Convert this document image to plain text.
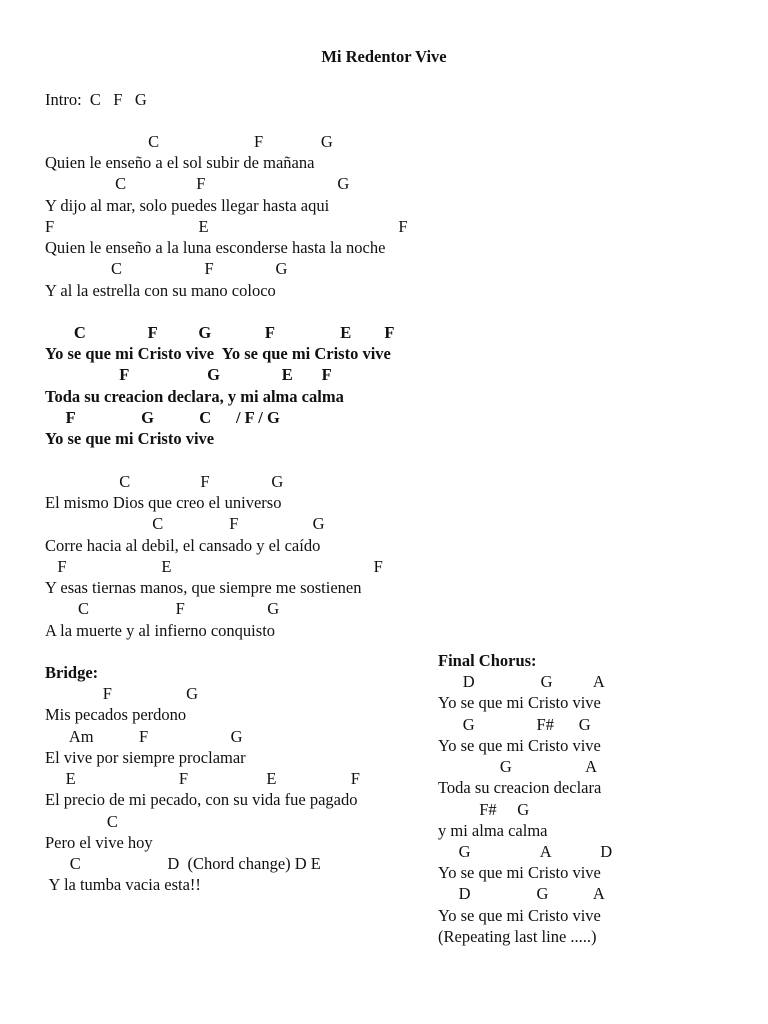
Mi Redentor Vive
Intro:  C   F   G
C                       F              G
Quien le enseño a el sol subir de mañana
C                 F                                G
Y dijo al mar, solo puedes llegar hasta aqui
F                                   E                                              F
Quien le enseño a la luna esconderse hasta la noche
C                    F               G
Y al la estrella con su mano coloco
C               F          G             F                E        F
Yo se que mi Cristo vive  Yo se que mi Cristo vive
F                   G               E       F
Toda su creacion declara, y mi alma calma
F                G           C      / F / G
Yo se que mi Cristo vive
C                 F               G
El mismo Dios que creo el universo
C                F                  G
Corre hacia al debil, el cansado y el caído
F                       E                                                 F
Y esas tiernas manos, que siempre me sostienen
C                     F                    G
A la muerte y al infierno conquisto
Bridge:
F                  G
Mis pecados perdono
Am           F                    G
El vive por siempre proclamar
E                         F                   E                  F
El precio de mi pecado, con su vida fue pagado
C
Pero el vive hoy
C                     D  (Chord change) D E
Y la tumba vacia esta!!
Final Chorus:
D                G          A
Yo se que mi Cristo vive
G               F#      G
Yo se que mi Cristo vive
G                  A
Toda su creacion declara
F#     G
y mi alma calma
G                 A            D
Yo se que mi Cristo vive
D                G           A
Yo se que mi Cristo vive
(Repeating last line .....)
